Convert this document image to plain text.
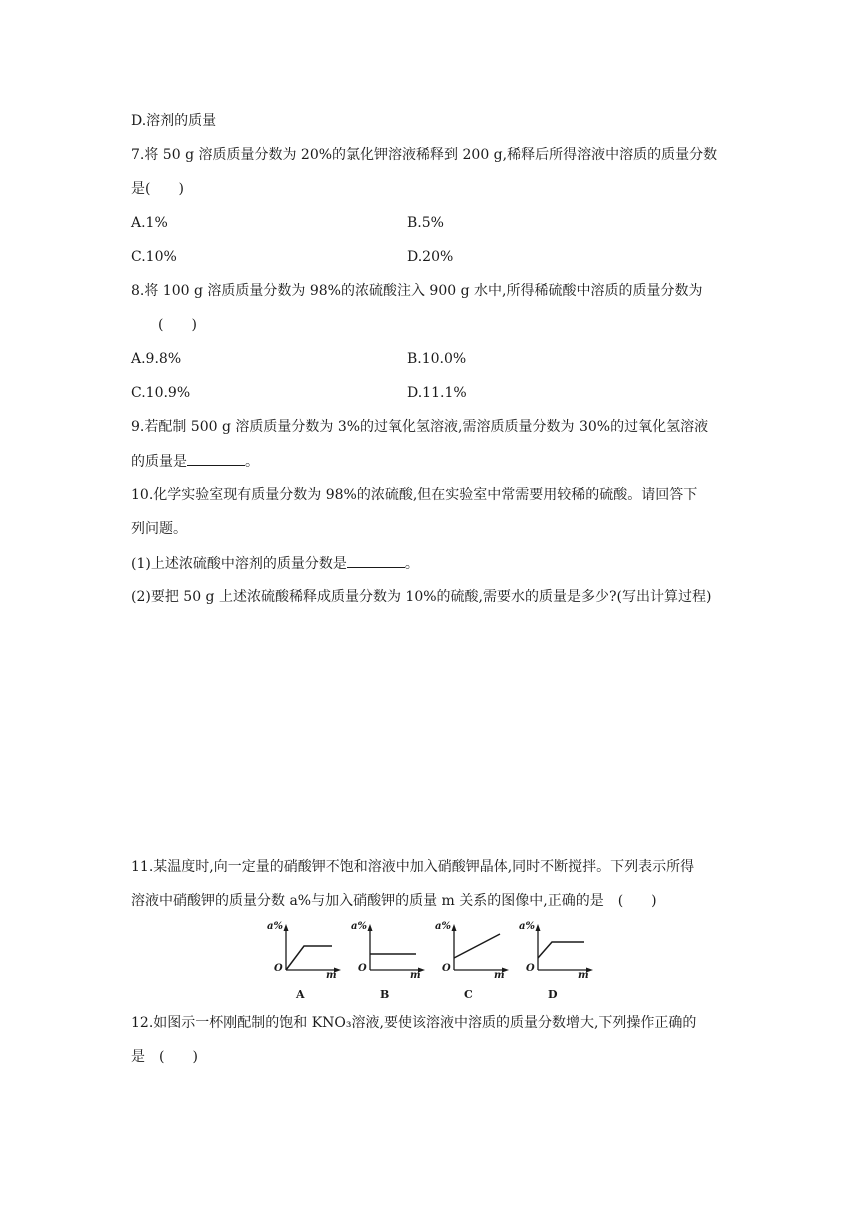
D.溶剂的质量
7.将 50 g 溶质质量分数为 20%的氯化钾溶液稀释到 200 g,稀释后所得溶液中溶质的质量分数
是(　　)
A.1%	B.5%
C.10%	D.20%
8.将 100 g 溶质质量分数为 98%的浓硫酸注入 900 g 水中,所得稀硫酸中溶质的质量分数为
(　　)
A.9.8%	B.10.0%
C.10.9%	D.11.1%
9.若配制 500 g 溶质质量分数为 3%的过氧化氢溶液,需溶质质量分数为 30%的过氧化氢溶液
的质量是	。
10.化学实验室现有质量分数为 98%的浓硫酸,但在实验室中常需要用较稀的硫酸。请回答下
列问题。
(1)上述浓硫酸中溶剂的质量分数是	。
(2)要把 50 g 上述浓硫酸稀释成质量分数为 10%的硫酸,需要水的质量是多少?(写出计算过程)
11.某温度时,向一定量的硝酸钾不饱和溶液中加入硝酸钾晶体,同时不断搅拌。下列表示所得
溶液中硝酸钾的质量分数 a%与加入硝酸钾的质量 m 关系的图像中,正确的是　(　　)
a%
O
m
A
a%
O
m
B
a%
O
m
C
a%
O
m
D
12.如图示一杯刚配制的饱和 KNO₃溶液,要使该溶液中溶质的质量分数增大,下列操作正确的
是　(　　)
